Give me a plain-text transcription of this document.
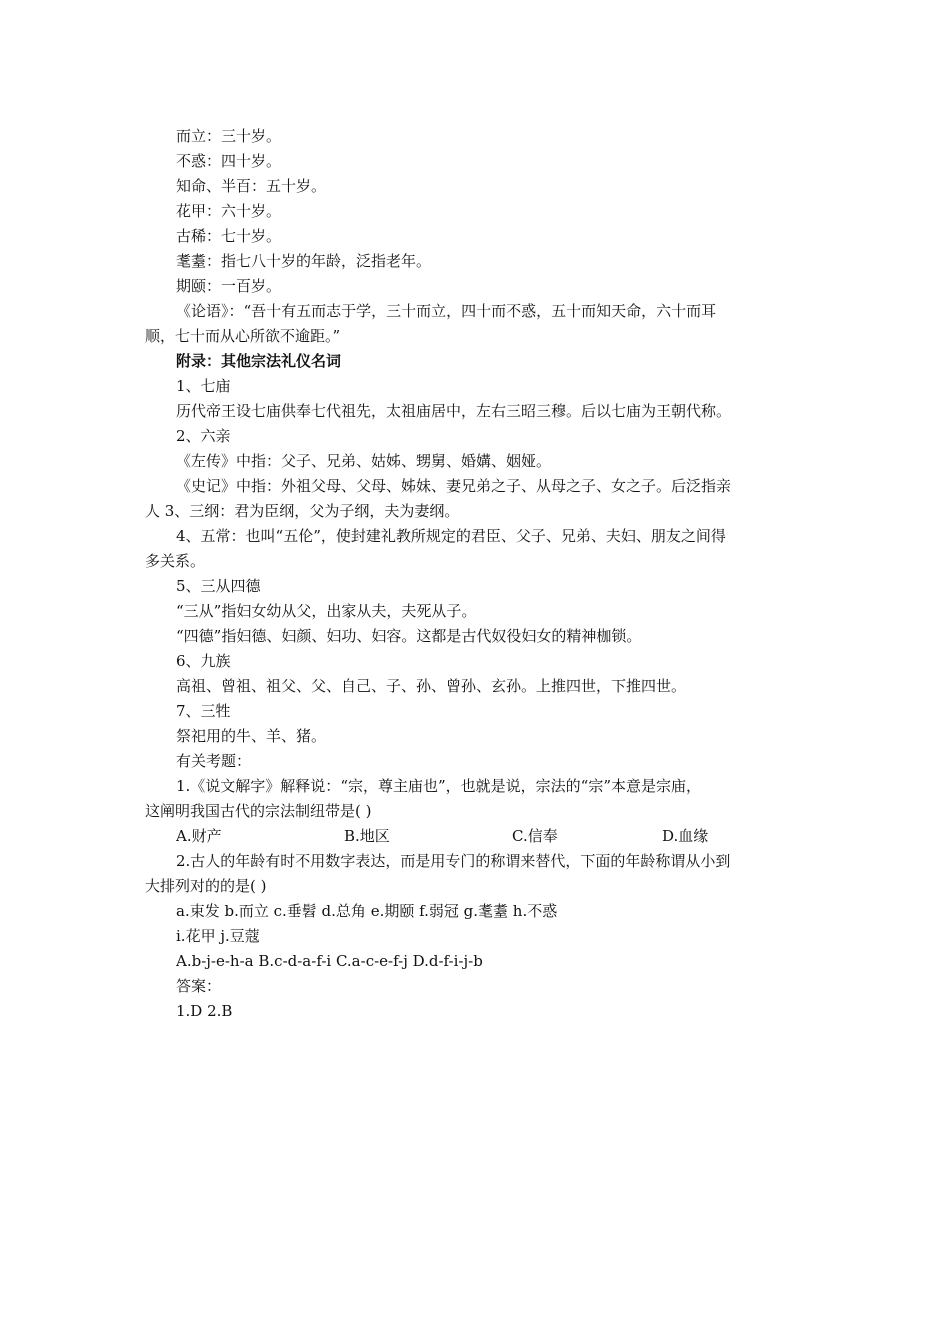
而立：三十岁。
不惑：四十岁。
知命、半百：五十岁。
花甲：六十岁。
古稀：七十岁。
耄耋：指七八十岁的年龄，泛指老年。
期颐：一百岁。
《论语》：“吾十有五而志于学，三十而立，四十而不惑，五十而知天命，六十而耳
顺，七十而从心所欲不逾距。”
附录：其他宗法礼仪名词
1、七庙
历代帝王设七庙供奉七代祖先，太祖庙居中，左右三昭三穆。后以七庙为王朝代称。
2、六亲
《左传》中指：父子、兄弟、姑姊、甥舅、婚媾、姻娅。
《史记》中指：外祖父母、父母、姊妹、妻兄弟之子、从母之子、女之子。后泛指亲
人 3、三纲：君为臣纲，父为子纲，夫为妻纲。
4、五常：也叫“五伦”，使封建礼教所规定的君臣、父子、兄弟、夫妇、朋友之间得
多关系。
5、三从四德
“三从”指妇女幼从父，出家从夫，夫死从子。
“四德”指妇德、妇颜、妇功、妇容。这都是古代奴役妇女的精神枷锁。
6、九族
高祖、曾祖、祖父、父、自己、子、孙、曾孙、玄孙。上推四世，下推四世。
7、三牲
祭祀用的牛、羊、猪。
有关考题：
1.《说文解字》解释说：“宗，尊主庙也”，也就是说，宗法的“宗”本意是宗庙，
这阐明我国古代的宗法制纽带是( )
A.财产	B.地区	C.信奉	D.血缘
2.古人的年龄有时不用数字表达，而是用专门的称谓来替代，下面的年龄称谓从小到
大排列对的的是( )
a.束发 b.而立 c.垂髫 d.总角 e.期颐 f.弱冠 g.耄耋 h.不惑
i.花甲 j.豆蔻
A.b-j-e-h-a B.c-d-a-f-i C.a-c-e-f-j D.d-f-i-j-b
答案：
1.D 2.B
